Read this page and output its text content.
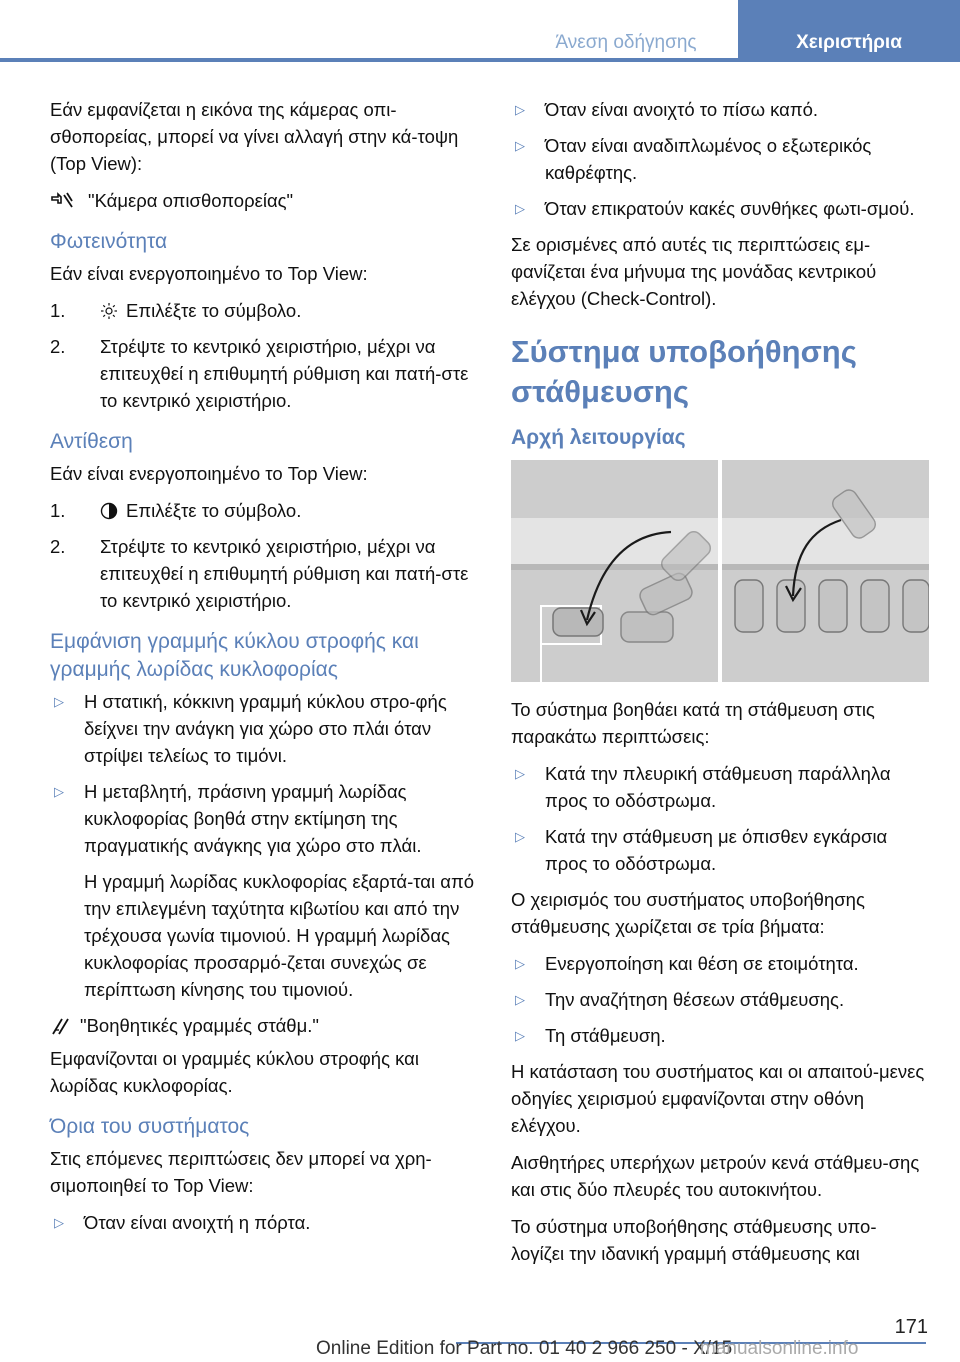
Άνεση οδήγησης	Χειριστήρια

Εάν εμφανίζεται η εικόνα της κάμερας οπι-σθοπορείας, μπορεί να γίνει αλλαγή στην κά-τοψη (Top View):

"Κάμερα οπισθοπορείας"
Φωτεινότητα

Εάν είναι ενεργοποιημένο το Top View:

1.	Επιλέξτε το σύμβολο.
2.	Στρέψτε το κεντρικό χειριστήριο, μέχρι να επιτευχθεί η επιθυμητή ρύθμιση και πατή-στε το κεντρικό χειριστήριο.
Αντίθεση

Εάν είναι ενεργοποιημένο το Top View:

1.	Επιλέξτε το σύμβολο.
2.	Στρέψτε το κεντρικό χειριστήριο, μέχρι να επιτευχθεί η επιθυμητή ρύθμιση και πατή-στε το κεντρικό χειριστήριο.
Εμφάνιση γραμμής κύκλου στροφής και γραμμής λωρίδας κυκλοφορίας
▷	Η στατική, κόκκινη γραμμή κύκλου στρο-φής δείχνει την ανάγκη για χώρο στο πλάι όταν στρίψει τελείως το τιμόνι.
▷	Η μεταβλητή, πράσινη γραμμή λωρίδας κυκλοφορίας βοηθά στην εκτίμηση της πραγματικής ανάγκης για χώρο στο πλάι.

Η γραμμή λωρίδας κυκλοφορίας εξαρτά-ται από την επιλεγμένη ταχύτητα κιβωτίου και από την τρέχουσα γωνία τιμονιού. Η γραμμή λωρίδας κυκλοφορίας προσαρμό-ζεται συνεχώς σε περίπτωση κίνησης του τιμονιού.

"Βοηθητικές γραμμές στάθμ."

Εμφανίζονται οι γραμμές κύκλου στροφής και λωρίδας κυκλοφορίας.

Όρια του συστήματος

Στις επόμενες περιπτώσεις δεν μπορεί να χρη-σιμοποιηθεί το Top View:

▷	Όταν είναι ανοιχτή η πόρτα.
▷	Όταν είναι ανοιχτό το πίσω καπό.
▷	Όταν είναι αναδιπλωμένος ο εξωτερικός καθρέφτης.
▷	Όταν επικρατούν κακές συνθήκες φωτι-σμού.

Σε ορισμένες από αυτές τις περιπτώσεις εμ-φανίζεται ένα μήνυμα της μονάδας κεντρικού ελέγχου (Check-Control).

Σύστημα υποβοήθησης στάθμευσης
Αρχή λειτουργίας

Το σύστημα βοηθάει κατά τη στάθμευση στις παρακάτω περιπτώσεις:

▷	Κατά την πλευρική στάθμευση παράλληλα προς το οδόστρωμα.
▷	Κατά την στάθμευση με όπισθεν εγκάρσια προς το οδόστρωμα.

Ο χειρισμός του συστήματος υποβοήθησης στάθμευσης χωρίζεται σε τρία βήματα:

▷	Ενεργοποίηση και θέση σε ετοιμότητα.
▷	Την αναζήτηση θέσεων στάθμευσης.
▷	Τη στάθμευση.

Η κατάσταση του συστήματος και οι απαιτού-μενες οδηγίες χειρισμού εμφανίζονται στην οθόνη ελέγχου.

Αισθητήρες υπερήχων μετρούν κενά στάθμευ-σης και στις δύο πλευρές του αυτοκινήτου.

Το σύστημα υποβοήθησης στάθμευσης υπο-λογίζει την ιδανική γραμμή στάθμευσης και

171
Online Edition for Part no. 01 40 2 966 250 - X/15
manualsonline.info
